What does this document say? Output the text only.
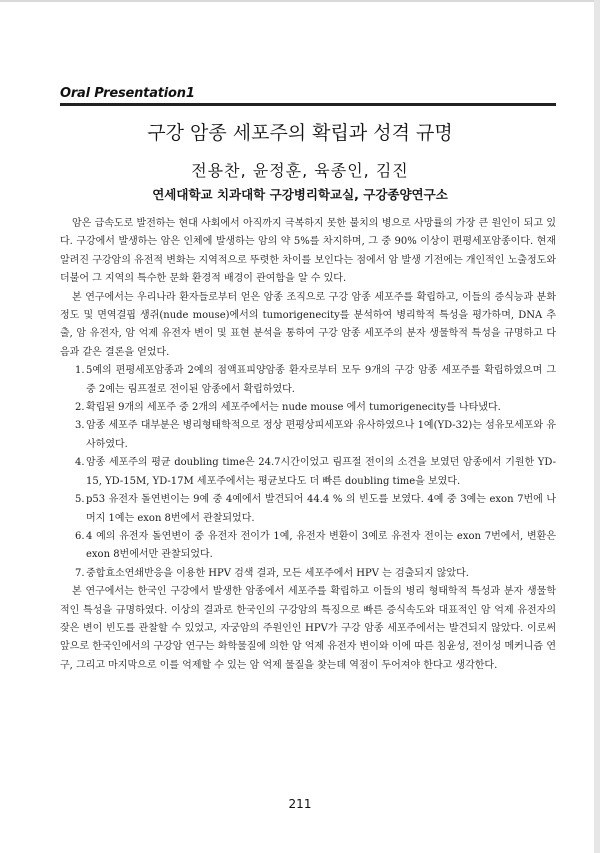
Oral Presentation1
구강 암종 세포주의 확립과 성격 규명
전용찬, 윤정훈, 육종인, 김진
연세대학교 치과대학 구강병리학교실, 구강종양연구소

암은 급속도로 발전하는 현대 사회에서 아직까지 극복하지 못한 불치의 병으로 사망률의 가장 큰 원인이 되고 있다. 구강에서 발생하는 암은 인체에 발생하는 암의 약 5%를 차지하며, 그 중 90% 이상이 편평세포암종이다. 현재 알려진 구강암의 유전적 변화는 지역적으로 뚜렷한 차이를 보인다는 점에서 암 발생 기전에는 개인적인 노출정도와 더불어 그 지역의 특수한 문화 환경적 배경이 관여함을 알 수 있다.

본 연구에서는 우리나라 환자들로부터 얻은 암종 조직으로 구강 암종 세포주를 확립하고, 이들의 증식능과 분화정도 및 면역결핍 생쥐(nude mouse)에서의 tumorigenecity를 분석하여 병리학적 특성을 평가하며, DNA 추출, 암 유전자, 암 억제 유전자 변이 및 표현 분석을 통하여 구강 암종 세포주의 분자 생물학적 특성을 규명하고 다음과 같은 결론을 얻었다.

1. 5예의 편평세포암종과 2예의 점액표피양암종 환자로부터 모두 9개의 구강 암종 세포주를 확립하였으며 그 중 2예는 림프절로 전이된 암종에서 확립하였다.
2. 확립된 9개의 세포주 중 2개의 세포주에서는 nude mouse 에서 tumorigenecity를 나타냈다.
3. 암종 세포주 대부분은 병리형태학적으로 정상 편평상피세포와 유사하였으나 1예(YD-32)는 섬유모세포와 유사하였다.
4. 암종 세포주의 평균 doubling time은 24.7시간이었고 림프절 전이의 소견을 보였던 암종에서 기원한 YD-15, YD-15M, YD-17M 세포주에서는 평균보다도 더 빠른 doubling time을 보였다.
5. p53 유전자 돌연변이는 9예 중 4예에서 발견되어 44.4 % 의 빈도를 보였다. 4예 중 3예는 exon 7번에 나머지 1예는 exon 8번에서 관찰되었다.
6. 4 예의 유전자 돌연변이 중 유전자 전이가 1예, 유전자 변환이 3예로 유전자 전이는 exon 7번에서, 변환은 exon 8번에서만 관찰되었다.
7. 중합효소연쇄반응을 이용한 HPV 검색 결과, 모든 세포주에서 HPV 는 검출되지 않았다.

본 연구에서는 한국인 구강에서 발생한 암종에서 세포주를 확립하고 이들의 병리 형태학적 특성과 분자 생물학적인 특성을 규명하였다. 이상의 결과로 한국인의 구강암의 특징으로 빠른 증식속도와 대표적인 암 억제 유전자의 잦은 변이 빈도를 관찰할 수 있었고, 자궁암의 주원인인 HPV가 구강 암종 세포주에서는 발견되지 않았다. 이로써 앞으로 한국인에서의 구강암 연구는 화학물질에 의한 암 억제 유전자 변이와 이에 따른 침윤성, 전이성 메커니즘 연구, 그리고 마지막으로 이를 억제할 수 있는 암 억제 물질을 찾는데 역점이 두어져야 한다고 생각한다.

211
